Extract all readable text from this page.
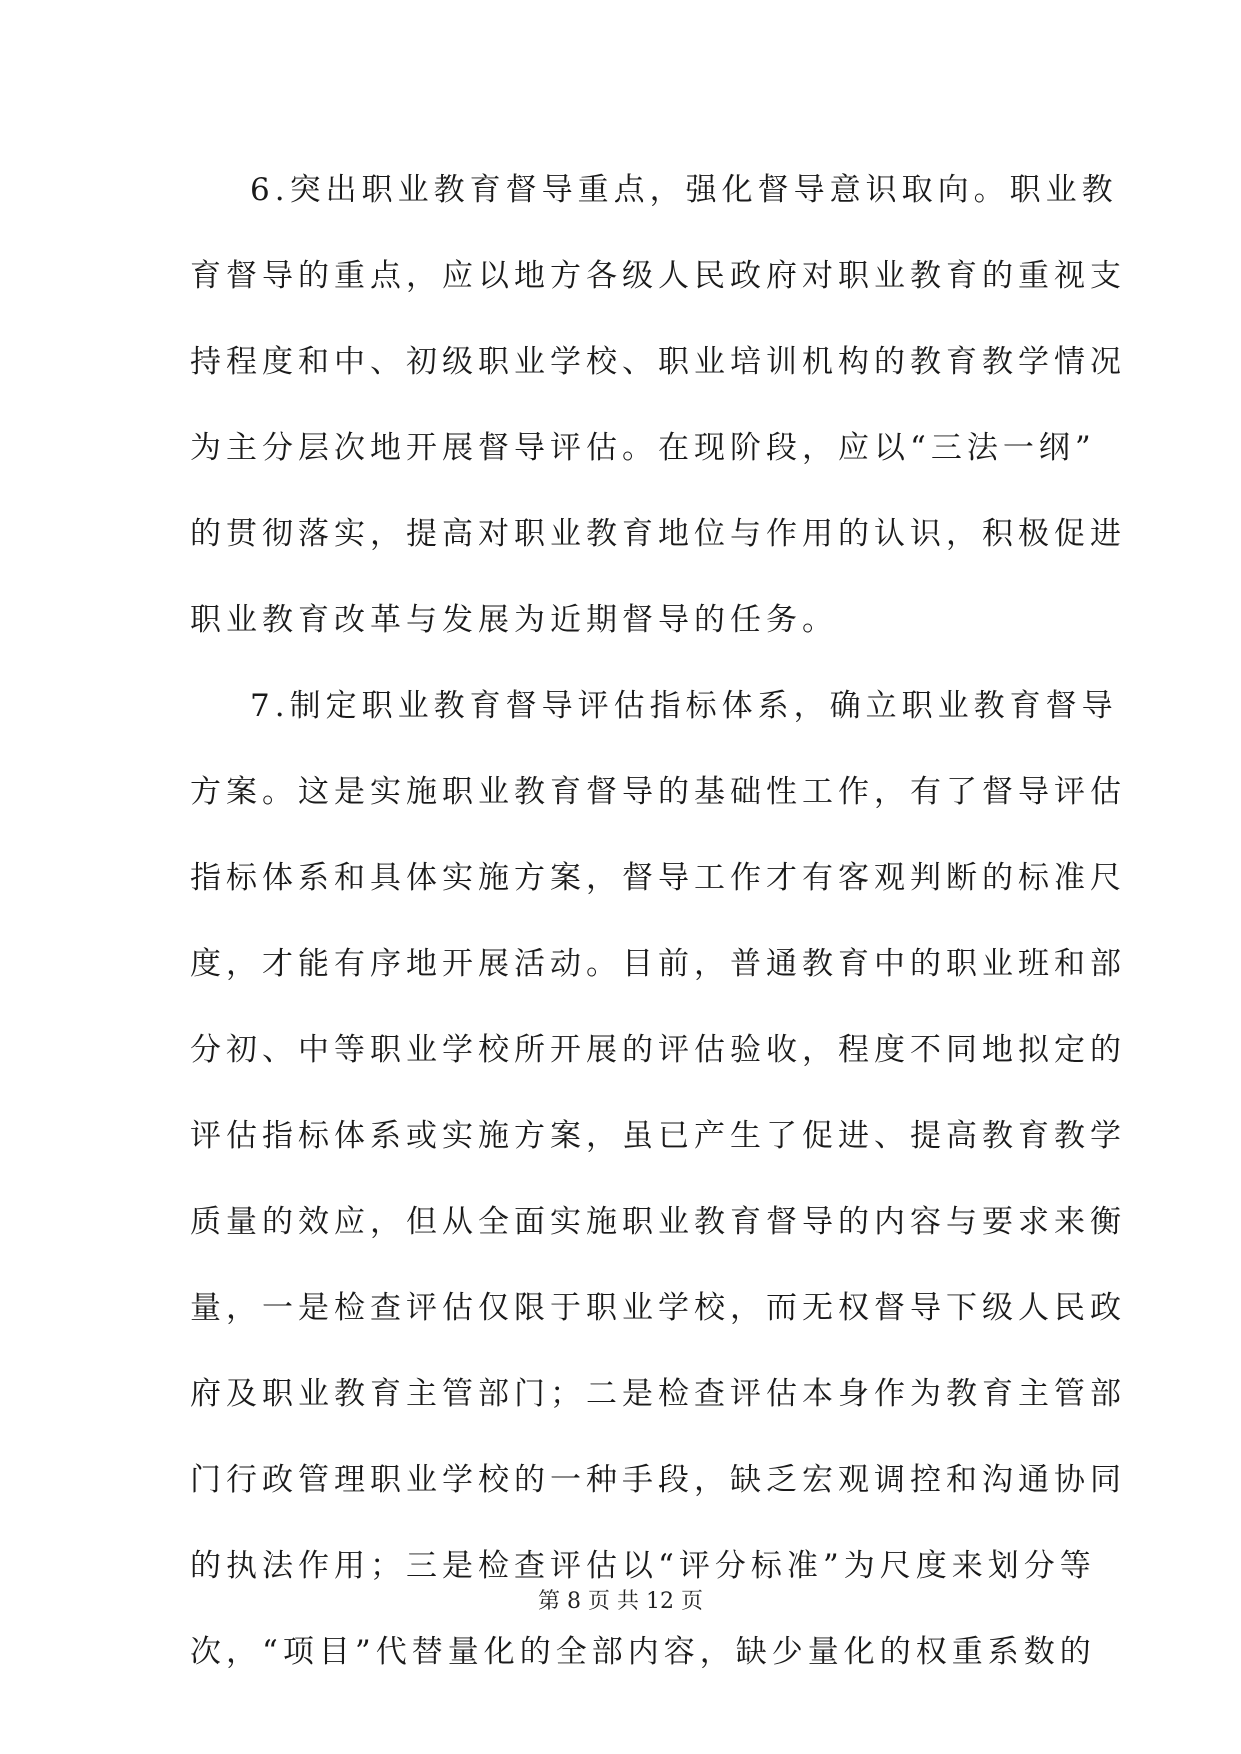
6.突出职业教育督导重点，强化督导意识取向。职业教
育督导的重点，应以地方各级人民政府对职业教育的重视支
持程度和中、初级职业学校、职业培训机构的教育教学情况
为主分层次地开展督导评估。在现阶段，应以“三法一纲”
的贯彻落实，提高对职业教育地位与作用的认识，积极促进
职业教育改革与发展为近期督导的任务。
7.制定职业教育督导评估指标体系，确立职业教育督导
方案。这是实施职业教育督导的基础性工作，有了督导评估
指标体系和具体实施方案，督导工作才有客观判断的标准尺
度，才能有序地开展活动。目前，普通教育中的职业班和部
分初、中等职业学校所开展的评估验收，程度不同地拟定的
评估指标体系或实施方案，虽已产生了促进、提高教育教学
质量的效应，但从全面实施职业教育督导的内容与要求来衡
量，一是检查评估仅限于职业学校，而无权督导下级人民政
府及职业教育主管部门；二是检查评估本身作为教育主管部
门行政管理职业学校的一种手段，缺乏宏观调控和沟通协同
的执法作用；三是检查评估以“评分标准”为尺度来划分等
次，“项目”代替量化的全部内容，缺少量化的权重系数的
第 8 页 共 12 页
